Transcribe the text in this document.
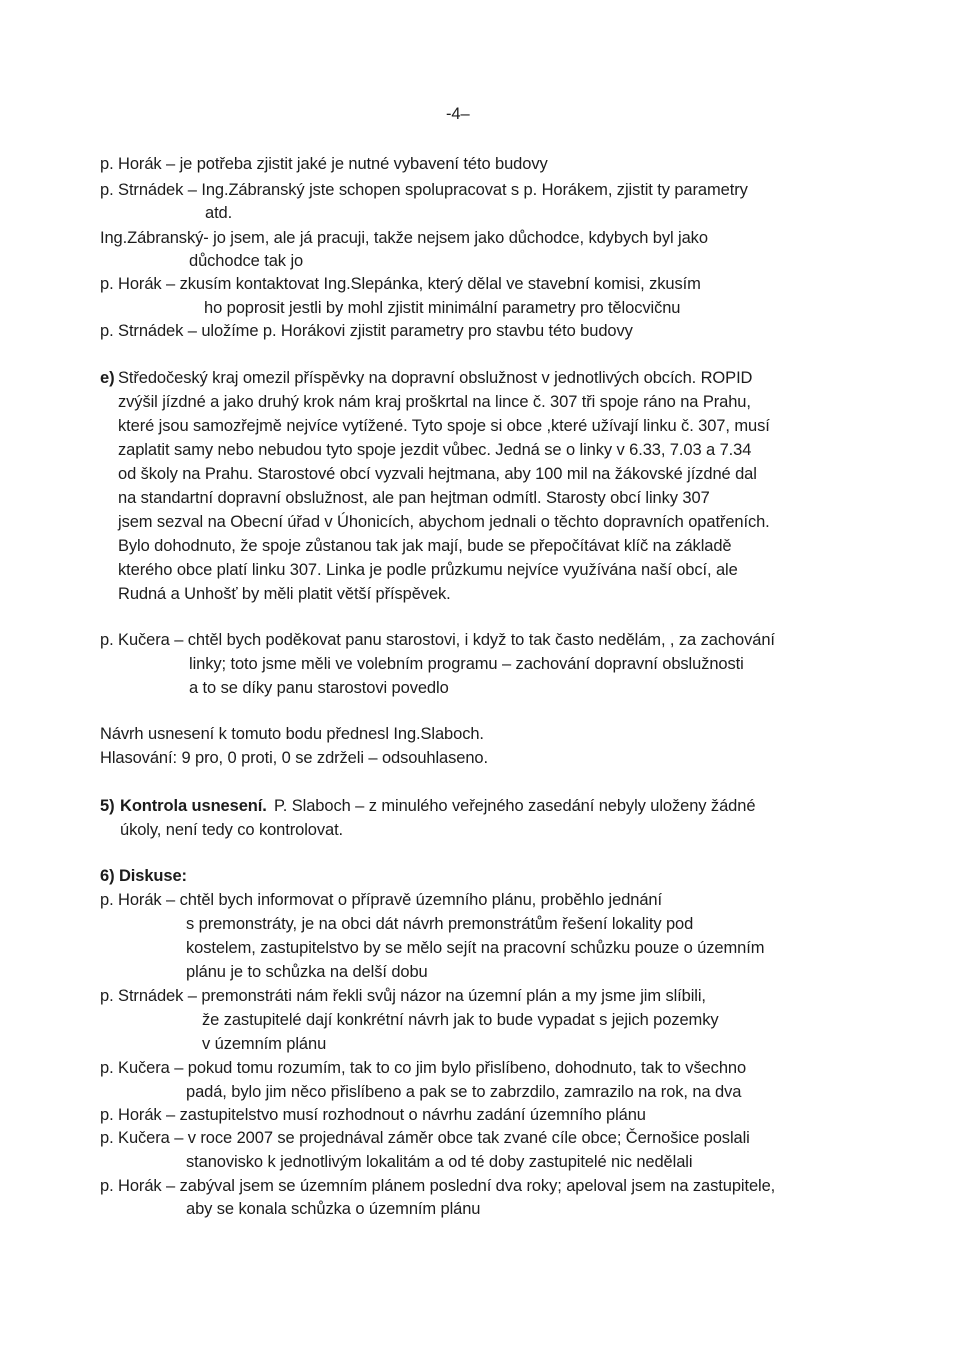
-4–
p. Horák – je potřeba zjistit jaké je nutné vybavení této budovy
p. Strnádek – Ing.Zábranský jste schopen spolupracovat s p. Horákem, zjistit ty parametry
atd.
Ing.Zábranský- jo jsem, ale já pracuji, takže nejsem jako důchodce, kdybych byl jako
důchodce tak jo
p. Horák – zkusím kontaktovat Ing.Slepánka, který dělal ve stavební komisi, zkusím
ho poprosit jestli by mohl zjistit minimální parametry pro tělocvičnu
p. Strnádek – uložíme p. Horákovi zjistit parametry pro stavbu této budovy
e) Středočeský kraj omezil příspěvky na dopravní obslužnost v jednotlivých obcích. ROPID
zvýšil jízdné a jako druhý krok nám kraj proškrtal na lince č. 307 tři spoje ráno na Prahu,
které jsou samozřejmě nejvíce vytížené. Tyto spoje si obce ,které užívají linku č. 307, musí
zaplatit samy nebo nebudou tyto spoje jezdit vůbec. Jedná se o linky v 6.33, 7.03 a 7.34
od školy na Prahu. Starostové obcí vyzvali hejtmana, aby 100 mil na žákovské jízdné dal
na standartní dopravní obslužnost, ale pan hejtman odmítl. Starosty obcí linky 307
jsem sezval na Obecní úřad v Úhonicích, abychom jednali o těchto dopravních opatřeních.
Bylo dohodnuto, že spoje zůstanou tak jak mají, bude se přepočítávat klíč na základě
kterého obce platí linku 307. Linka je podle průzkumu nejvíce využívána naší obcí, ale
Rudná a Unhošť by měli platit větší příspěvek.
p. Kučera – chtěl bych poděkovat panu starostovi, i když to tak často nedělám, , za zachování
linky; toto jsme měli ve volebním programu – zachování dopravní obslužnosti
a to se díky panu starostovi povedlo
Návrh usnesení k tomuto bodu přednesl Ing.Slaboch.
Hlasování: 9 pro, 0 proti, 0 se zdrželi – odsouhlaseno.
5) Kontrola usnesení. P. Slaboch – z minulého veřejného zasedání nebyly uloženy žádné
úkoly, není tedy co kontrolovat.
6) Diskuse:
p. Horák – chtěl bych informovat o přípravě územního plánu, proběhlo jednání
s premonstráty, je na obci dát návrh premonstrátům řešení lokality pod
kostelem, zastupitelstvo by se mělo sejít na pracovní schůzku pouze o územním
plánu je to schůzka na delší dobu
p. Strnádek – premonstráti nám řekli svůj názor na územní plán a my jsme jim slíbili,
že zastupitelé dají konkrétní návrh jak to bude vypadat s jejich pozemky
v územním plánu
p. Kučera – pokud tomu rozumím, tak to co jim bylo přislíbeno, dohodnuto, tak to všechno
padá, bylo jim něco přislíbeno a pak se to zabrzdilo, zamrazilo na rok, na dva
p. Horák – zastupitelstvo musí rozhodnout o návrhu zadání územního plánu
p. Kučera – v roce 2007 se projednával záměr obce tak zvané cíle obce; Černošice poslali
stanovisko k jednotlivým lokalitám a od té doby zastupitelé nic nedělali
p. Horák – zabýval jsem se územním plánem poslední dva roky; apeloval jsem na zastupitele,
aby se konala schůzka o územním plánu
